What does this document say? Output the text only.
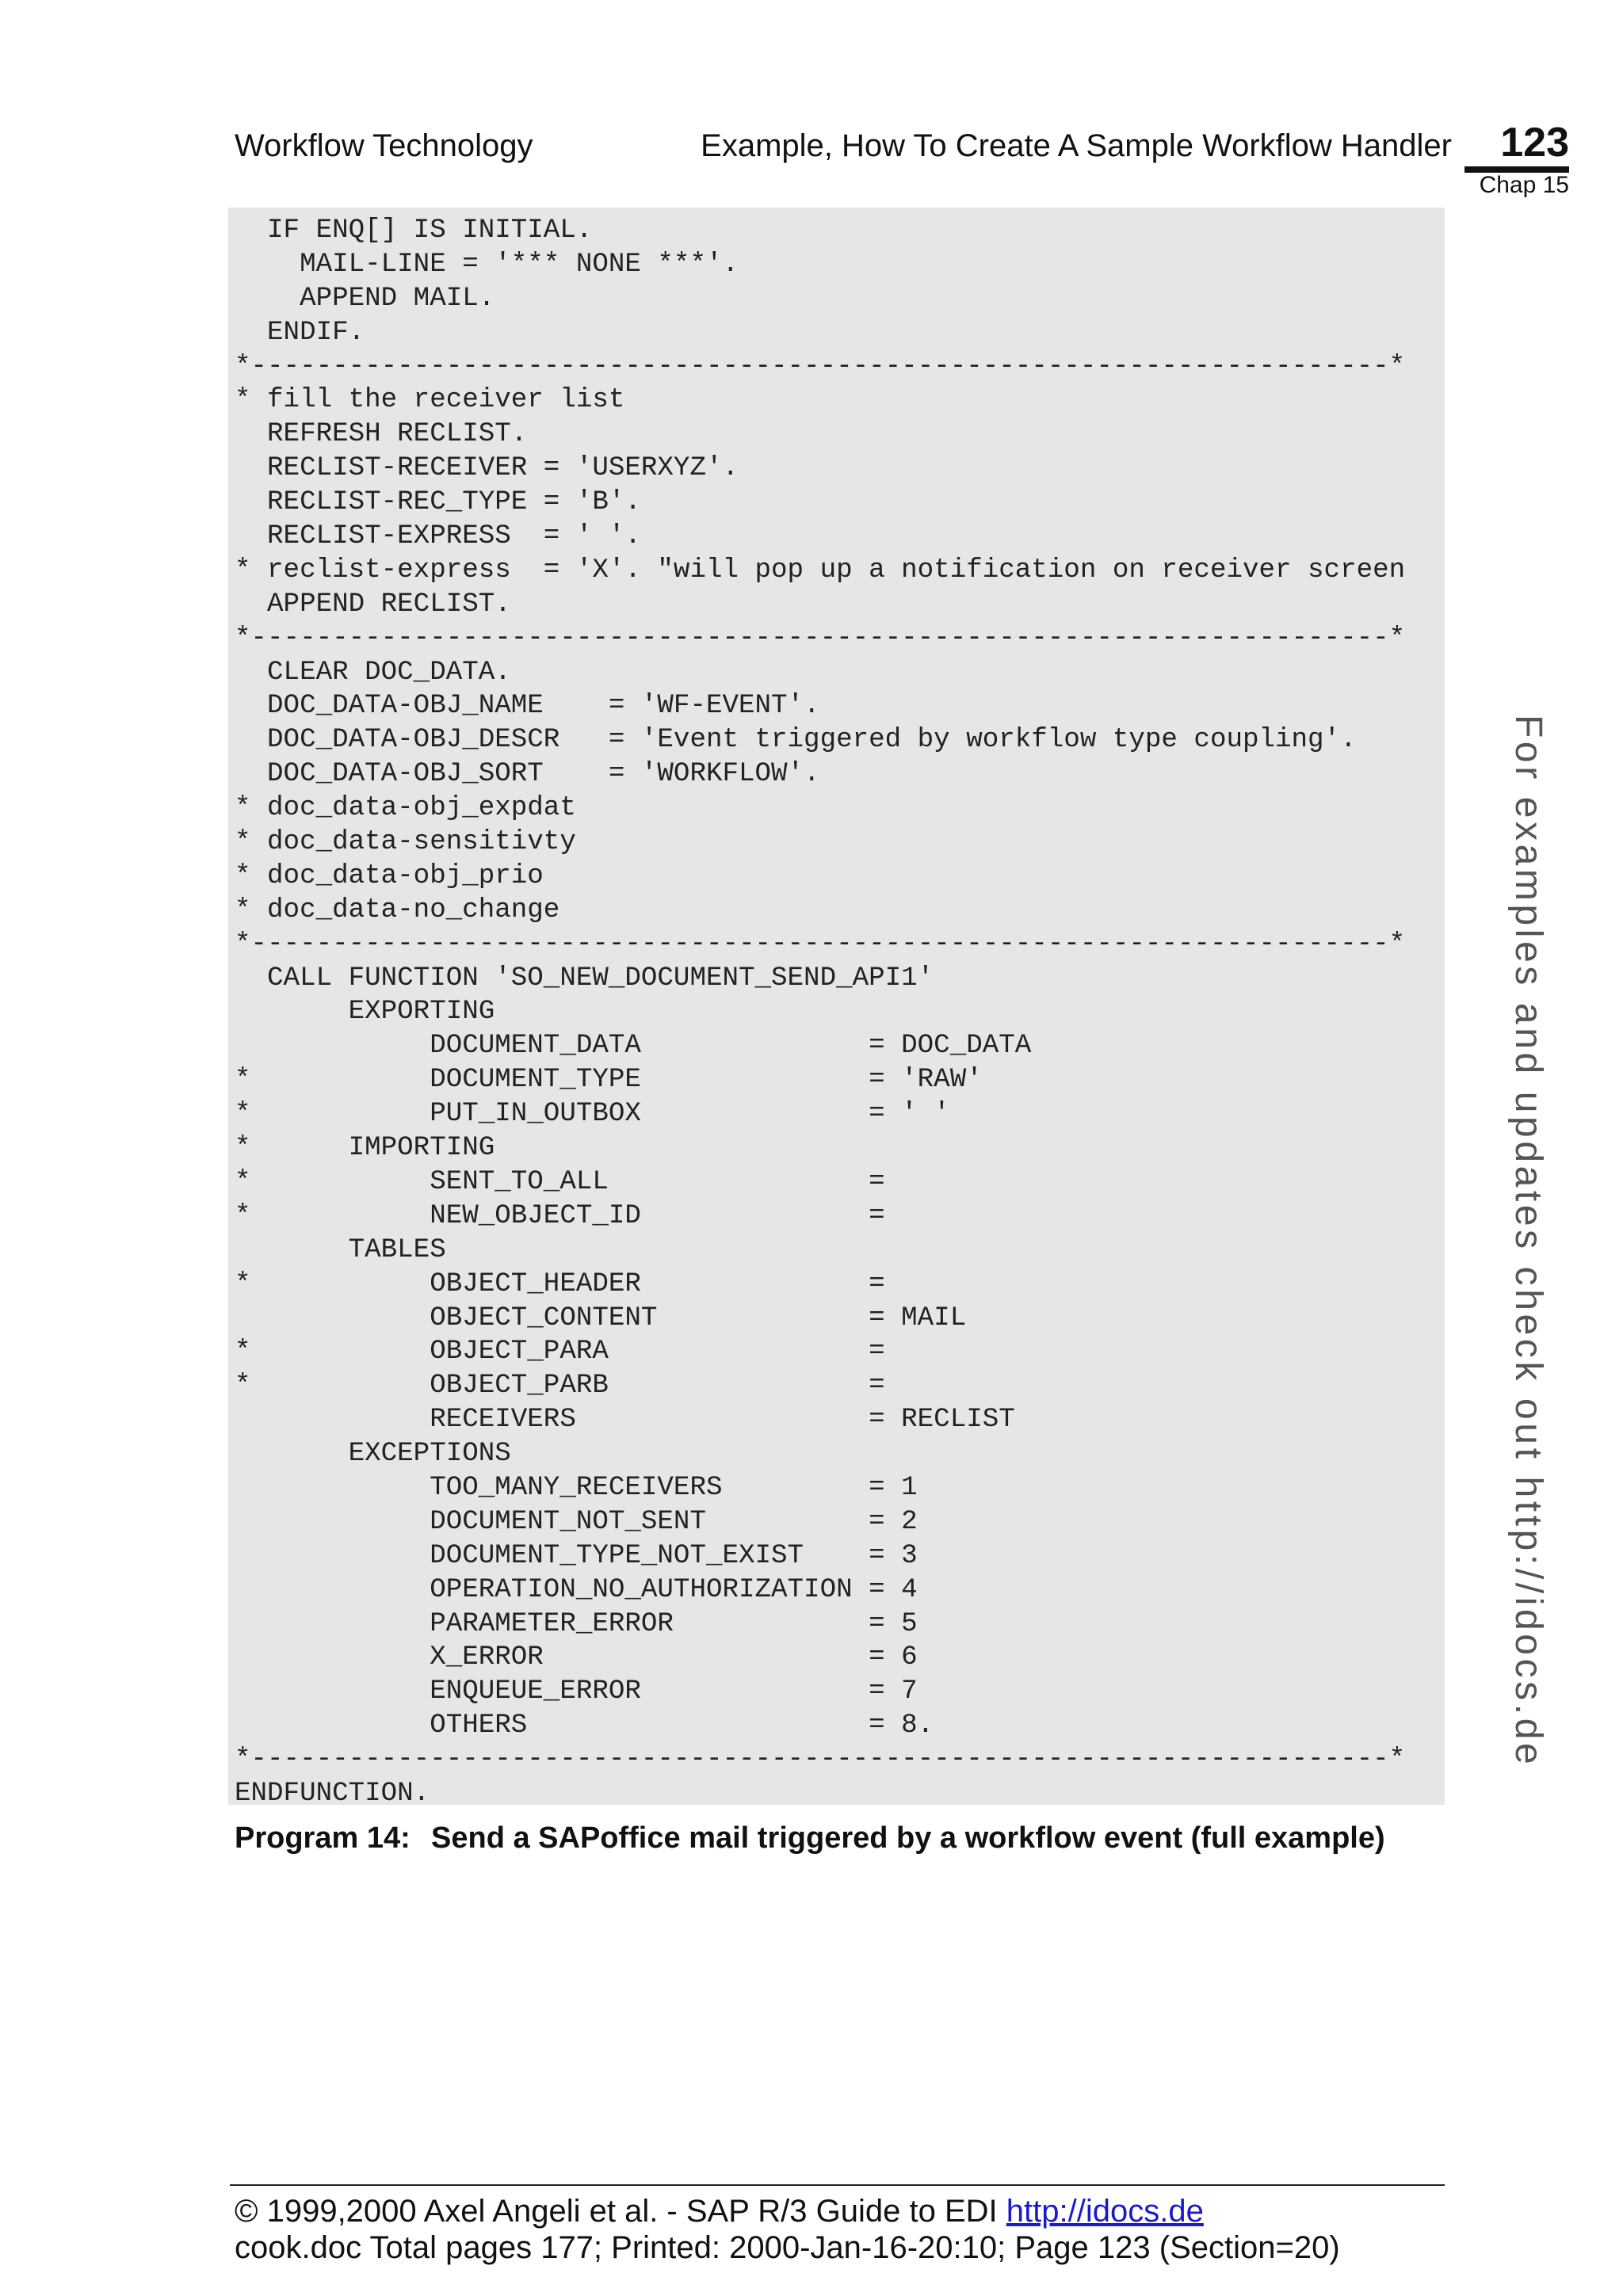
Workflow Technology	Example, How To Create A Sample Workflow Handler	123
Chap 15
IF ENQ[] IS INITIAL.
MAIL-LINE = '*** NONE ***'.
APPEND MAIL.
ENDIF.
*----------------------------------------------------------------------*
* fill the receiver list
REFRESH RECLIST.
RECLIST-RECEIVER = 'USERXYZ'.
RECLIST-REC_TYPE = 'B'.
RECLIST-EXPRESS  = ' '.
* reclist-express  = 'X'. "will pop up a notification on receiver screen
APPEND RECLIST.
*----------------------------------------------------------------------*
CLEAR DOC_DATA.
DOC_DATA-OBJ_NAME    = 'WF-EVENT'.
DOC_DATA-OBJ_DESCR   = 'Event triggered by workflow type coupling'.
DOC_DATA-OBJ_SORT    = 'WORKFLOW'.
* doc_data-obj_expdat
* doc_data-sensitivty
* doc_data-obj_prio
* doc_data-no_change
*----------------------------------------------------------------------*
CALL FUNCTION 'SO_NEW_DOCUMENT_SEND_API1'
EXPORTING
DOCUMENT_DATA              = DOC_DATA
*           DOCUMENT_TYPE              = 'RAW'
*           PUT_IN_OUTBOX              = ' '
*      IMPORTING
*           SENT_TO_ALL                =
*           NEW_OBJECT_ID              =
TABLES
*           OBJECT_HEADER              =
OBJECT_CONTENT             = MAIL
*           OBJECT_PARA                =
*           OBJECT_PARB                =
RECEIVERS                  = RECLIST
EXCEPTIONS
TOO_MANY_RECEIVERS         = 1
DOCUMENT_NOT_SENT          = 2
DOCUMENT_TYPE_NOT_EXIST    = 3
OPERATION_NO_AUTHORIZATION = 4
PARAMETER_ERROR            = 5
X_ERROR                    = 6
ENQUEUE_ERROR              = 7
OTHERS                     = 8.
*----------------------------------------------------------------------*
ENDFUNCTION.
Program 14: Send a SAPoffice mail triggered by a workflow event (full example)
For examples and updates check out http://idocs.de
© 1999,2000 Axel Angeli et al. - SAP R/3 Guide to EDI http://idocs.de
cook.doc Total pages 177; Printed: 2000-Jan-16-20:10; Page 123 (Section=20)
